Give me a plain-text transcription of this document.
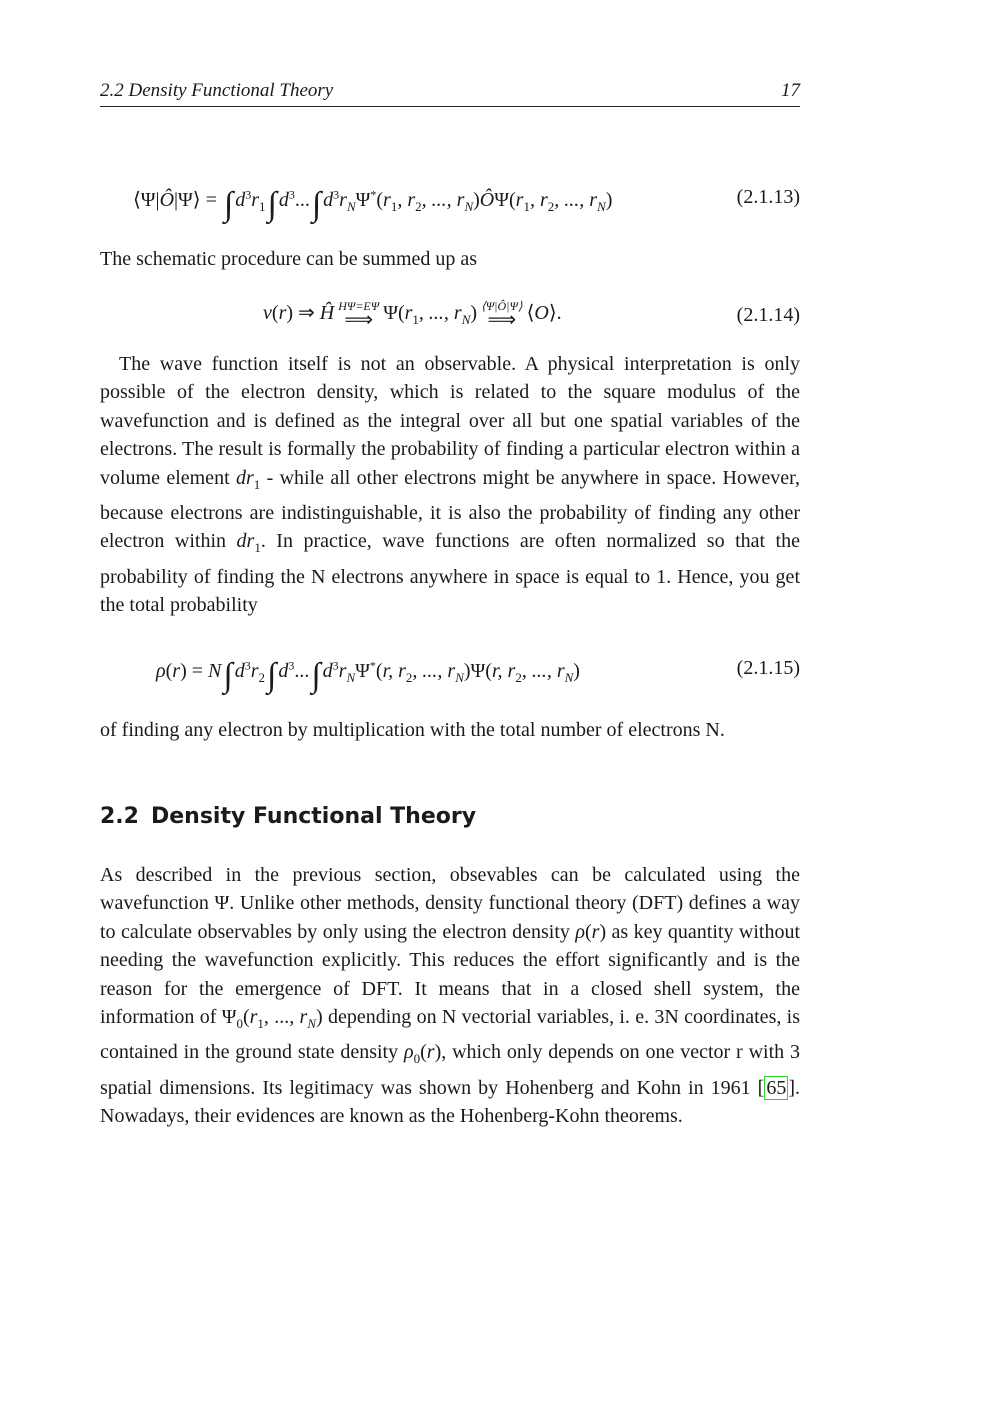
2.2 Density Functional Theory	17
⟨Ψ|Ô|Ψ⟩ = ∫ $d^3r_1\int$ $d^3...\int$ $d^3r_N\Psi^*(r_1$, $r_2$, ..., $r_N)Ô\Psi(r_1$, $r_2$, ..., $r_N$)	(2.1.13)
The schematic procedure can be summed up as
v(r) ⇒ Ĥ HΨ=EΨ
⟹ $\Psi(r_1$, ..., $r_N$) ⟨Ψ|Ô|Ψ⟩
⟹ ⟨O⟩.	(2.1.14)
The wave function itself is not an observable. A physical interpretation is only possible of the electron density, which is related to the square modulus of the wavefunction and is defined as the integral over all but one spatial variables of the electrons. The result is formally the probability of finding a particular electron within a volume element $dr_1$ - while all other electrons might be anywhere in space. However, because electrons are indistinguishable, it is also the probability of finding any other electron within $dr_1$. In practice, wave functions are often normalized so that the probability of finding the N electrons anywhere in space is equal to 1. Hence, you get the total probability
ρ(r) = N∫ $d^3r_2\int$ $d^3...\int$ $d^3r_N\Psi^*(r$, $r_2$, ..., $r_N)\Psi(r$, $r_2$, ..., $r_N$)	(2.1.15)
of finding any electron by multiplication with the total number of electrons N.
2.2 Density Functional Theory
As described in the previous section, obsevables can be calculated using the wavefunction Ψ. Unlike other methods, density functional theory (DFT) defines a way to calculate observables by only using the electron density ρ(r) as key quantity without needing the wavefunction explicitly. This reduces the effort significantly and is the reason for the emergence of DFT. It means that in a closed shell system, the information of $\Psi_0(r_1$, ..., $r_N$) depending on N vectorial variables, i. e. 3N coordinates, is contained in the ground state density $\rho_0(r)$, which only depends on one vector r with 3 spatial dimensions. Its legitimacy was shown by Hohenberg and Kohn in 1961 [ 65 ]. Nowadays, their evidences are known as the Hohenberg-Kohn theorems.
